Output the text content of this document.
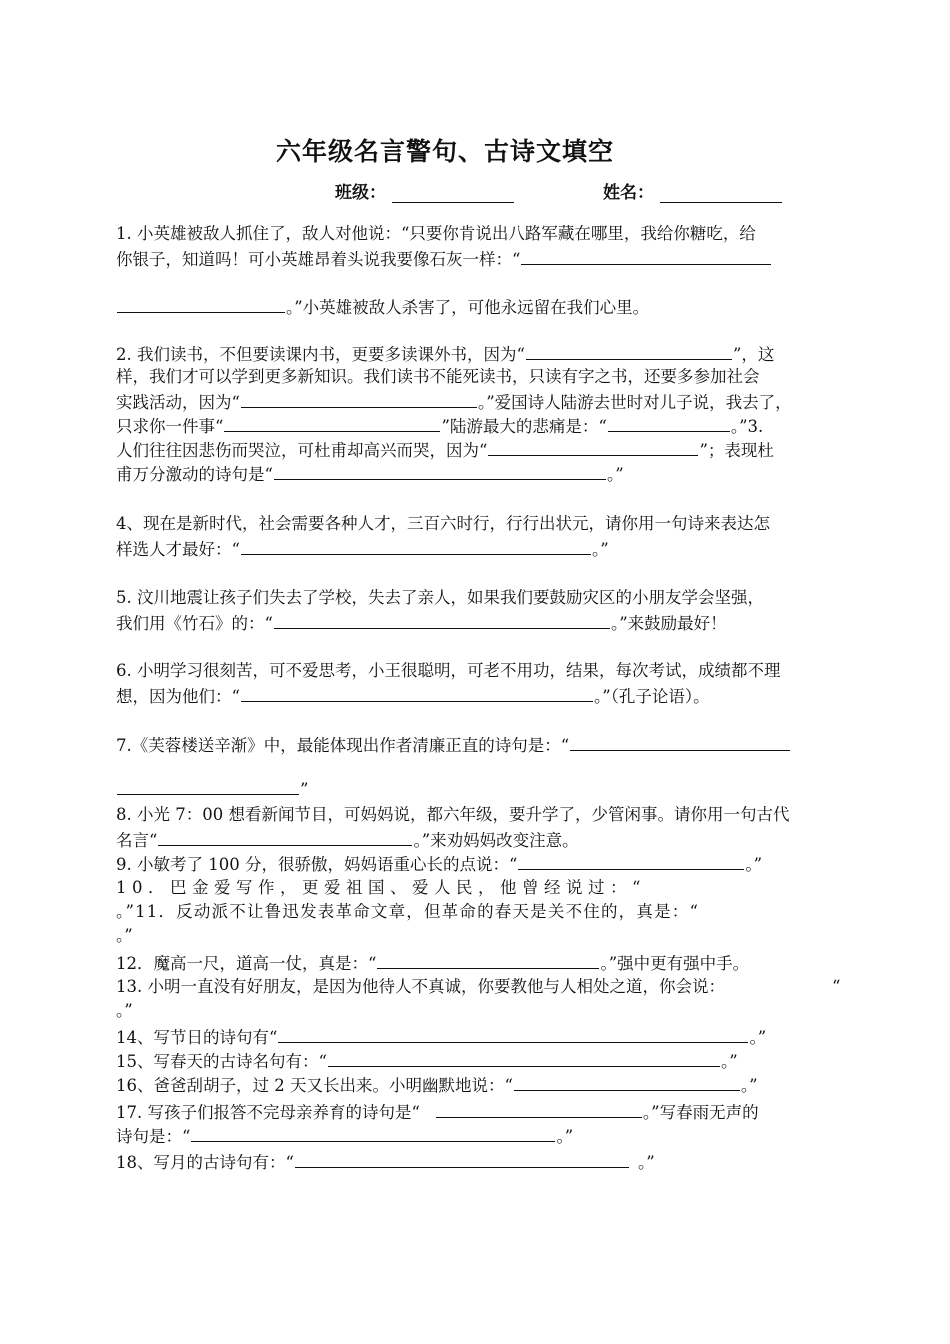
六年级名言警句、古诗文填空
班级：	姓名：
1. 小英雄被敌人抓住了，敌人对他说：“只要你肯说出八路军藏在哪里，我给你糖吃，给
你银子，知道吗！可小英雄昂着头说我要像石灰一样：“
。”小英雄被敌人杀害了，可他永远留在我们心里。
2. 我们读书，不但要读课内书，更要多读课外书，因为“	”，这
样，我们才可以学到更多新知识。我们读书不能死读书，只读有字之书，还要多参加社会
实践活动，因为“	。”爱国诗人陆游去世时对儿子说，我去了，
只求你一件事“	”陆游最大的悲痛是：“	。”3.
人们往往因悲伤而哭泣，可杜甫却高兴而哭，因为“	”；表现杜
甫万分激动的诗句是“	。”
4、现在是新时代，社会需要各种人才，三百六时行，行行出状元，请你用一句诗来表达怎
样选人才最好：“	。”
5. 汶川地震让孩子们失去了学校，失去了亲人，如果我们要鼓励灾区的小朋友学会坚强，
我们用《竹石》的：“	。”来鼓励最好！
6. 小明学习很刻苦，可不爱思考，小王很聪明，可老不用功，结果，每次考试，成绩都不理
想，因为他们：“	。”（孔子论语）。
7.《芙蓉楼送辛渐》中，最能体现出作者清廉正直的诗句是：“
”
8. 小光 7：00 想看新闻节目，可妈妈说，都六年级，要升学了，少管闲事。请你用一句古代
名言“	。”来劝妈妈改变注意。
9. 小敏考了 100 分，很骄傲，妈妈语重心长的点说：“	。”
10．巴金爱写作，更爱祖国、爱人民，他曾经说过：“
。”11．反动派不让鲁迅发表革命文章，但革命的春天是关不住的，真是：“
。”
12．魔高一尺，道高一仗，真是：“	。”强中更有强中手。
13. 小明一直没有好朋友，是因为他待人不真诚，你要教他与人相处之道，你会说：	“
。”
14、写节日的诗句有“	。”
15、写春天的古诗名句有：“	。”
16、爸爸刮胡子，过 2 天又长出来。小明幽默地说：“	。”
17. 写孩子们报答不完母亲养育的诗句是“	。”写春雨无声的
诗句是：“	。”
18、写月的古诗句有：“	。”
